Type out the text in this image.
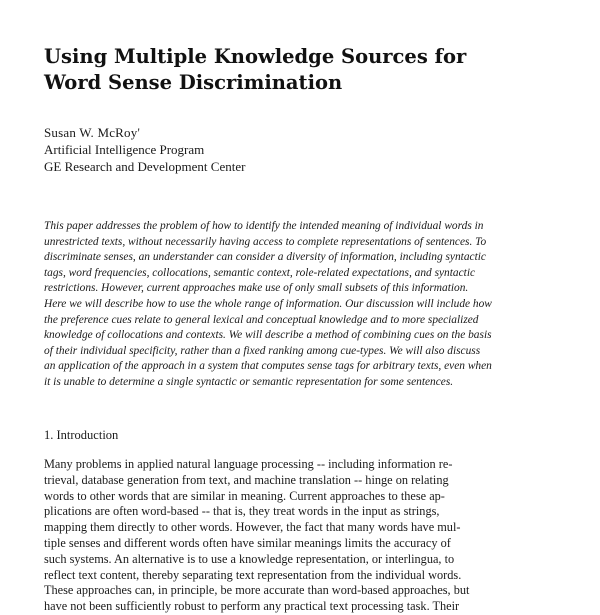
Using Multiple Knowledge Sources for
Word Sense Discrimination
Susan W. McRoy'
Artificial Intelligence Program
GE Research and Development Center
This paper addresses the problem of how to identify the intended meaning of individual words in
unrestricted texts, without necessarily having access to complete representations of sentences. To
discriminate senses, an understander can consider a diversity of information, including syntactic
tags, word frequencies, collocations, semantic context, role-related expectations, and syntactic
restrictions. However, current approaches make use of only small subsets of this information.
Here we will describe how to use the whole range of information. Our discussion will include how
the preference cues relate to general lexical and conceptual knowledge and to more specialized
knowledge of collocations and contexts. We will describe a method of combining cues on the basis
of their individual specificity, rather than a fixed ranking among cue-types. We will also discuss
an application of the approach in a system that computes sense tags for arbitrary texts, even when
it is unable to determine a single syntactic or semantic representation for some sentences.
1. Introduction
Many problems in applied natural language processing -- including information re-
trieval, database generation from text, and machine translation -- hinge on relating
words to other words that are similar in meaning. Current approaches to these ap-
plications are often word-based -- that is, they treat words in the input as strings,
mapping them directly to other words. However, the fact that many words have mul-
tiple senses and different words often have similar meanings limits the accuracy of
such systems. An alternative is to use a knowledge representation, or interlingua, to
reflect text content, thereby separating text representation from the individual words.
These approaches can, in principle, be more accurate than word-based approaches, but
have not been sufficiently robust to perform any practical text processing task. Their
